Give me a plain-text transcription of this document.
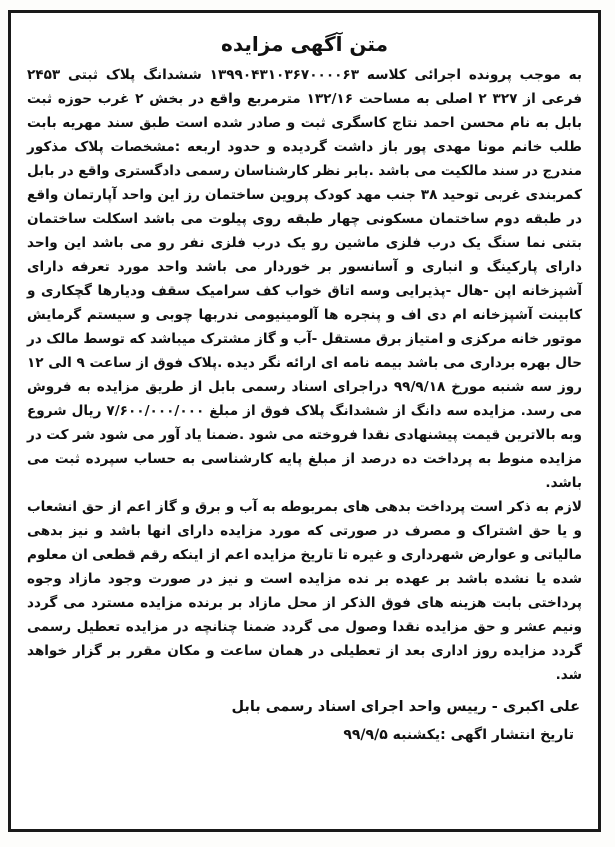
متن آگهی مزایده

به موجب پرونده اجرائی کلاسه ۱۳۹۹۰۴۳۱۰۳۶۷۰۰۰۰۶۳ ششدانگ پلاک ثبتی ۲۴۵۳ فرعی از ۳۲۷ ۲ اصلی به مساحت ۱۳۲/۱۶ مترمربع واقع در بخش ۲ غرب حوزه ثبت بابل به نام محسن احمد نتاج کاسگری ثبت و صادر شده است طبق سند مهریه بابت طلب خانم مونا مهدی پور باز داشت گردیده و حدود اربعه :مشخصات پلاک مذکور مندرج در سند مالکیت می باشد .بابر نظر کارشناسان رسمی دادگستری واقع در بابل کمربندی غربی توحید ۳۸ جنب مهد کودک پروین ساختمان رز این واحد آپارتمان واقع در طبقه دوم ساختمان مسکونی چهار طبقه روی پیلوت می باشد اسکلت ساختمان بتنی نما سنگ یک درب فلزی ماشین رو یک درب فلزی نفر رو می باشد این واحد دارای پارکینگ و انباری و آسانسور بر خوردار می باشد واحد مورد تعرفه دارای آشپزخانه اپن -هال -پذیرایی وسه اتاق خواب کف سرامیک سقف ودیارها گچکاری و کابینت آشپزخانه ام دی اف و پنجره ها آلومینیومی ندربها چوبی و سیستم گرمایش موتور خانه مرکزی و امتیاز برق مستقل -آب و گاز مشترک میباشد که توسط مالک در حال بهره برداری می باشد بیمه نامه ای ارائه نگر دیده .پلاک فوق از ساعت ۹ الی ۱۲ روز سه شنبه مورخ ۹۹/۹/۱۸ دراجرای اسناد رسمی بابل از طریق مزایده به فروش می رسد. مزایده سه دانگ از ششدانگ پلاک فوق از مبلغ ۷/۶۰۰/۰۰۰/۰۰۰ ریال شروع وبه بالاترین قیمت پیشنهادی نقدا فروخته می شود .ضمنا یاد آور می شود شر کت در مزایده منوط به پرداخت ده درصد از مبلغ پایه کارشناسی به حساب سپرده ثبت می باشد.

لازم به ذکر است پرداخت بدهی های بمربوطه به آب و برق و گاز اعم از حق انشعاب و یا حق اشتراک و مصرف در صورتی که مورد مزایده دارای انها باشد و نیز بدهی مالیاتی و عوارض شهرداری و غیره تا تاریخ مزایده اعم از اینکه رقم قطعی ان معلوم شده یا نشده باشد بر عهده بر نده مزایده است و نیز در صورت وجود مازاد وجوه پرداختی بابت هزینه های فوق الذکر از محل مازاد بر برنده مزایده مسترد می گردد ونیم عشر و حق مزایده نقدا وصول می گردد ضمنا چنانچه در مزایده تعطیل رسمی گردد مزایده روز اداری بعد از تعطیلی در همان ساعت و مکان مقرر بر گزار خواهد شد.

علی اکبری - رییس واحد اجرای اسناد رسمی بابل
تاریخ انتشار اگهی :یکشنبه ۹۹/۹/۵
